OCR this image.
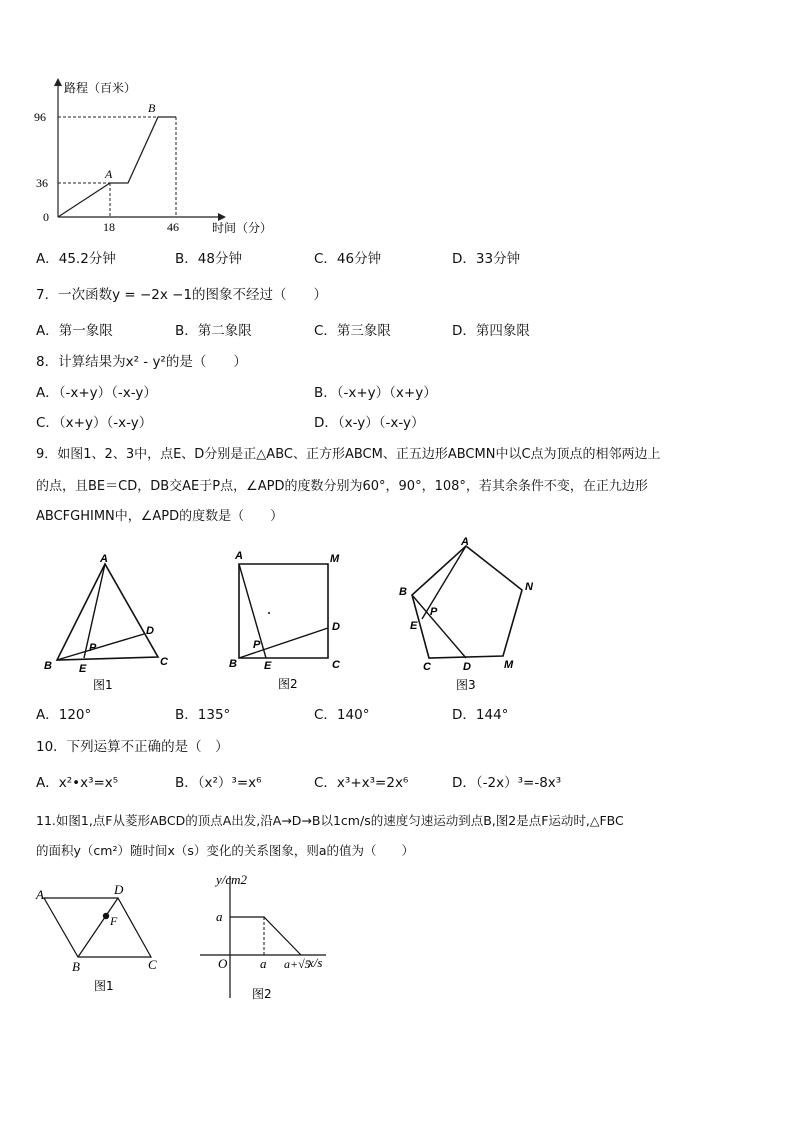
路程（百米）
时间（分）
96
36
0
18	46
A
B
A．45.2分钟	B．48分钟	C．46分钟	D．33分钟
7．一次函数y = −2x −1的图象不经过（　　）
A．第一象限	B．第二象限	C．第三象限	D．第四象限
8．计算结果为x² - y²的是（　　）
A．（-x+y）（-x-y）	B．（-x+y）（x+y）
C．（x+y）（-x-y）	D．（x-y）（-x-y）
9．如图1、2、3中，点E、D分别是正△ABC、正方形ABCM、正五边形ABCMN中以C点为顶点的相邻两边上
的点，且BE＝CD，DB交AE于P点，∠APD的度数分别为60°，90°，108°，若其余条件不变，在正九边形
ABCFGHIMN中，∠APD的度数是（　　）
A
B	C
D
E
P
图1
A	M
B	C
D
E
P
图2
A
N
B
E
P
C	D	M
图3
A．120°	B．135°	C．140°	D．144°
10．下列运算不正确的是（　）
A．x²•x³=x⁵	B．（x²）³=x⁶	C．x³+x³=2x⁶	D．（-2x）³=-8x³
11.如图1,点F从菱形ABCD的顶点A出发,沿A→D→B以1cm/s的速度匀速运动到点B,图2是点F运动时,△FBC
的面积y（cm²）随时间x（s）变化的关系图象，则a的值为（　　）
A	D
F
B	C
图1
y/cm2
x/s
a
O	a a+√5
图2
